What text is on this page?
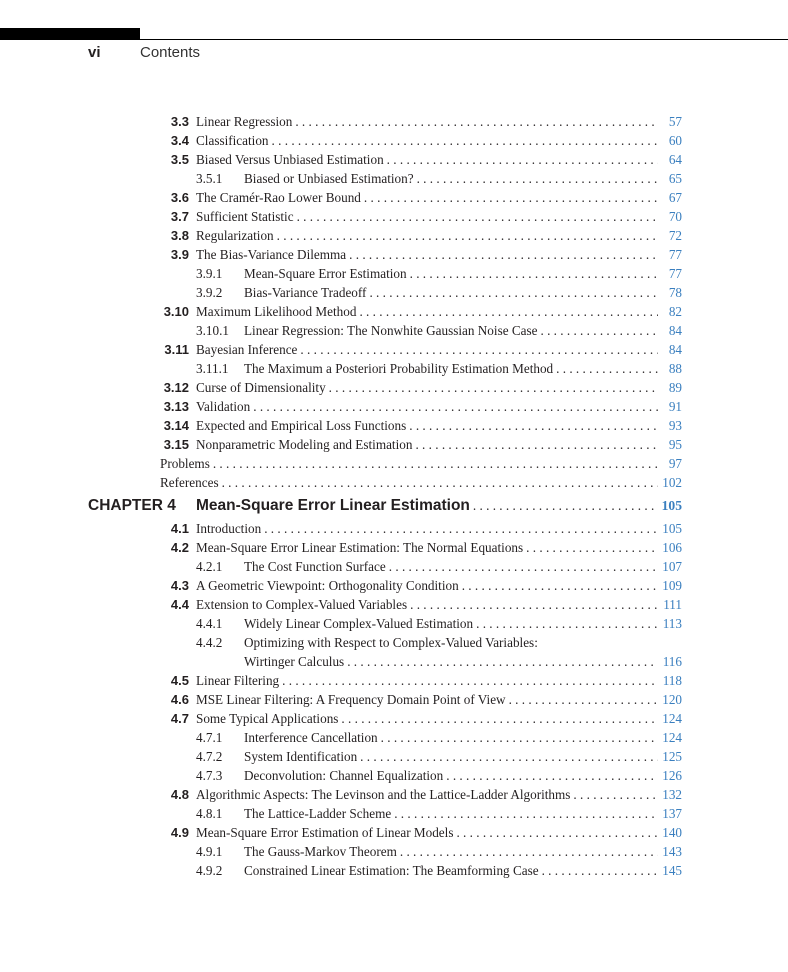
vi	Contents
3.3 Linear Regression . . .	57
3.4 Classification . . .	60
3.5 Biased Versus Unbiased Estimation . . .	64
3.5.1 Biased or Unbiased Estimation? . . .	65
3.6 The Cramér-Rao Lower Bound . . .	67
3.7 Sufficient Statistic . . .	70
3.8 Regularization . . .	72
3.9 The Bias-Variance Dilemma . . .	77
3.9.1 Mean-Square Error Estimation . . .	77
3.9.2 Bias-Variance Tradeoff . . .	78
3.10 Maximum Likelihood Method . . .	82
3.10.1 Linear Regression: The Nonwhite Gaussian Noise Case . . .	84
3.11 Bayesian Inference . . .	84
3.11.1 The Maximum a Posteriori Probability Estimation Method . . .	88
3.12 Curse of Dimensionality . . .	89
3.13 Validation . . .	91
3.14 Expected and Empirical Loss Functions . . .	93
3.15 Nonparametric Modeling and Estimation . . .	95
Problems . . .	97
References . . .	102
CHAPTER 4 Mean-Square Error Linear Estimation . . .	105
4.1 Introduction . . .	105
4.2 Mean-Square Error Linear Estimation: The Normal Equations . . .	106
4.2.1 The Cost Function Surface . . .	107
4.3 A Geometric Viewpoint: Orthogonality Condition . . .	109
4.4 Extension to Complex-Valued Variables . . .	111
4.4.1 Widely Linear Complex-Valued Estimation . . .	113
4.4.2 Optimizing with Respect to Complex-Valued Variables:
Wirtinger Calculus . . .	116
4.5 Linear Filtering . . .	118
4.6 MSE Linear Filtering: A Frequency Domain Point of View . . .	120
4.7 Some Typical Applications . . .	124
4.7.1 Interference Cancellation . . .	124
4.7.2 System Identification . . .	125
4.7.3 Deconvolution: Channel Equalization . . .	126
4.8 Algorithmic Aspects: The Levinson and the Lattice-Ladder Algorithms . . .	132
4.8.1 The Lattice-Ladder Scheme . . .	137
4.9 Mean-Square Error Estimation of Linear Models . . .	140
4.9.1 The Gauss-Markov Theorem . . .	143
4.9.2 Constrained Linear Estimation: The Beamforming Case . . .	145
